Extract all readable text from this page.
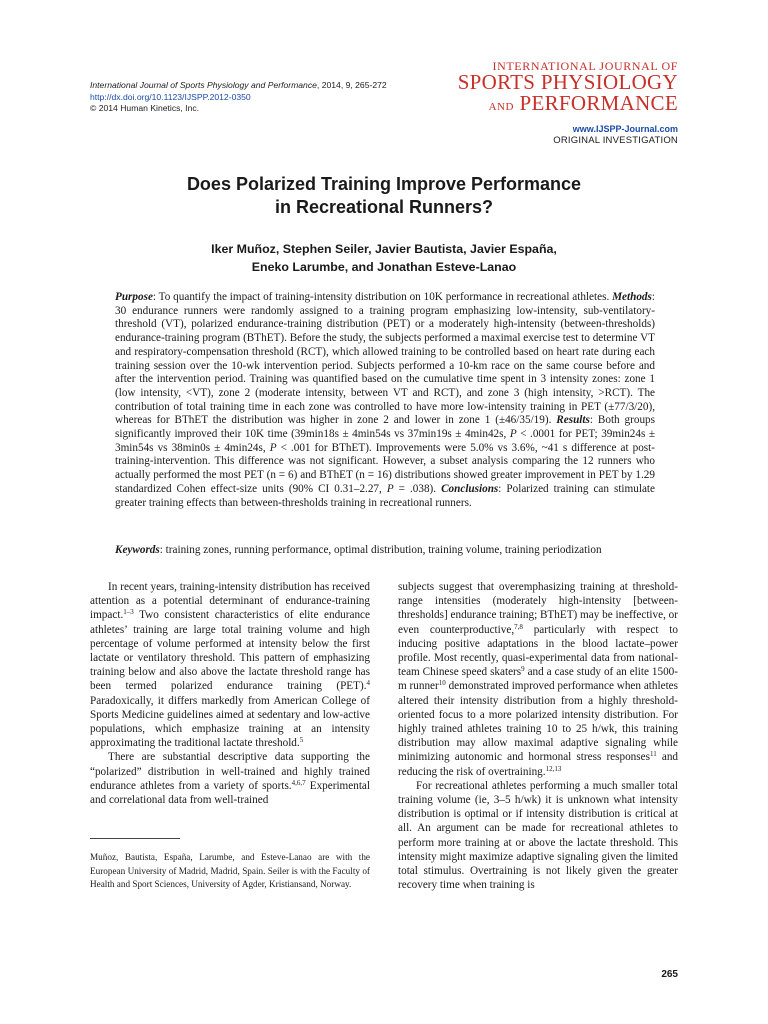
International Journal of Sports Physiology and Performance, 2014, 9, 265-272
http://dx.doi.org/10.1123/IJSPP.2012-0350
© 2014 Human Kinetics, Inc.
INTERNATIONAL JOURNAL OF
SPORTS PHYSIOLOGY
AND PERFORMANCE
www.IJSPP-Journal.com
ORIGINAL INVESTIGATION
Does Polarized Training Improve Performance
in Recreational Runners?
Iker Muñoz, Stephen Seiler, Javier Bautista, Javier España,
Eneko Larumbe, and Jonathan Esteve-Lanao
Purpose: To quantify the impact of training-intensity distribution on 10K performance in recreational athletes. Methods: 30 endurance runners were randomly assigned to a training program emphasizing low-intensity, sub-ventilatory-threshold (VT), polarized endurance-training distribution (PET) or a moderately high-intensity (between-thresholds) endurance-training program (BThET). Before the study, the subjects performed a maximal exercise test to determine VT and respiratory-compensation threshold (RCT), which allowed training to be controlled based on heart rate during each training session over the 10-wk intervention period. Subjects performed a 10-km race on the same course before and after the intervention period. Training was quantified based on the cumulative time spent in 3 intensity zones: zone 1 (low intensity, <VT), zone 2 (moderate intensity, between VT and RCT), and zone 3 (high intensity, >RCT). The contribution of total training time in each zone was controlled to have more low-intensity training in PET (±77/3/20), whereas for BThET the distribution was higher in zone 2 and lower in zone 1 (±46/35/19). Results: Both groups significantly improved their 10K time (39min18s ± 4min54s vs 37min19s ± 4min42s, P < .0001 for PET; 39min24s ± 3min54s vs 38min0s ± 4min24s, P < .001 for BThET). Improvements were 5.0% vs 3.6%, ~41 s difference at post-training-intervention. This difference was not significant. However, a subset analysis comparing the 12 runners who actually performed the most PET (n = 6) and BThET (n = 16) distributions showed greater improvement in PET by 1.29 standardized Cohen effect-size units (90% CI 0.31–2.27, P = .038). Conclusions: Polarized training can stimulate greater training effects than between-thresholds training in recreational runners.
Keywords: training zones, running performance, optimal distribution, training volume, training periodization

In recent years, training-intensity distribution has received attention as a potential determinant of endurance-training impact.$^{1-3}$ Two consistent characteristics of elite endurance athletes’ training are large total training volume and high percentage of volume performed at intensity below the first lactate or ventilatory threshold. This pattern of emphasizing training below and also above the lactate threshold range has been termed polarized endurance training (PET).$^4$ Paradoxically, it differs markedly from American College of Sports Medicine guidelines aimed at sedentary and low-active populations, which emphasize training at an intensity approximating the traditional lactate threshold.$^5$

There are substantial descriptive data supporting the “polarized” distribution in well-trained and highly trained endurance athletes from a variety of sports.$^{4,6,7}$ Experimental and correlational data from well-trained

subjects suggest that overemphasizing training at threshold-range intensities (moderately high-intensity [between-thresholds] endurance training; BThET) may be ineffective, or even counterproductive,$^{7,8}$ particularly with respect to inducing positive adaptations in the blood lactate–power profile. Most recently, quasi-experimental data from national-team Chinese speed skaters$^9$ and a case study of an elite 1500-m runner$^{10}$ demonstrated improved performance when athletes altered their intensity distribution from a highly threshold-oriented focus to a more polarized intensity distribution. For highly trained athletes training 10 to 25 h/wk, this training distribution may allow maximal adaptive signaling while minimizing autonomic and hormonal stress responses$^{11}$ and reducing the risk of overtraining.$^{12,13}$

For recreational athletes performing a much smaller total training volume (ie, 3–5 h/wk) it is unknown what intensity distribution is optimal or if intensity distribution is critical at all. An argument can be made for recreational athletes to perform more training at or above the lactate threshold. This intensity might maximize adaptive signaling given the limited total stimulus. Overtraining is not likely given the greater recovery time when training is

Muñoz, Bautista, España, Larumbe, and Esteve-Lanao are with the European University of Madrid, Madrid, Spain. Seiler is with the Faculty of Health and Sport Sciences, University of Agder, Kristiansand, Norway.
265
